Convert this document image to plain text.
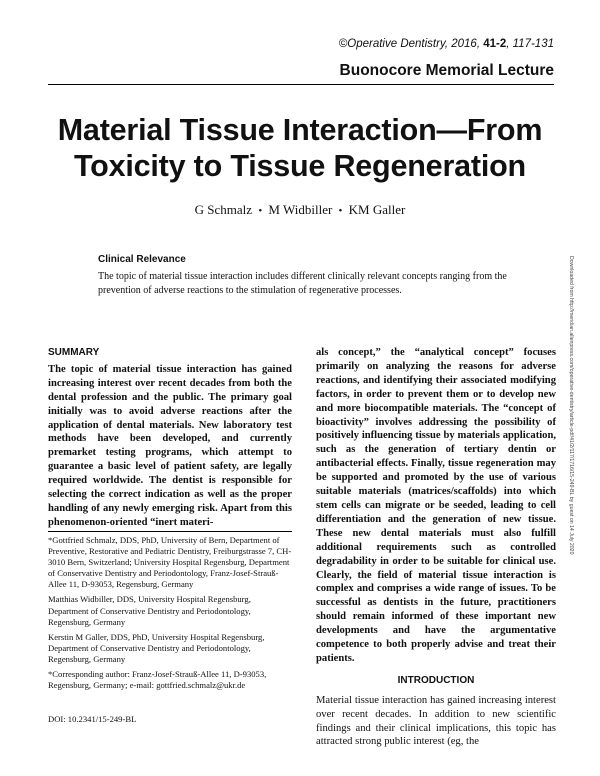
©Operative Dentistry, 2016, 41-2, 117-131
Buonocore Memorial Lecture
Material Tissue Interaction—From
Toxicity to Tissue Regeneration
G Schmalz • M Widbiller • KM Galler
Clinical Relevance
The topic of material tissue interaction includes different clinically relevant concepts ranging from the prevention of adverse reactions to the stimulation of regenerative processes.	Downloaded from http://meridian.allenpress.com/operative-dentistry/article-pdf/41/2/117/1716/15-249-BL by guest on 14 July 2020
SUMMARY
The topic of material tissue interaction has gained increasing interest over recent decades from both the dental profession and the public. The primary goal initially was to avoid adverse reactions after the application of dental materials. New laboratory test methods have been developed, and currently premarket testing programs, which attempt to guarantee a basic level of patient safety, are legally required worldwide. The dentist is responsible for selecting the correct indication as well as the proper handling of any newly emerging risk. Apart from this phenomenon-oriented “inert materi-

*Gottfried Schmalz, DDS, PhD, University of Bern, Department of Preventive, Restorative and Pediatric Dentistry, Freiburgstrasse 7, CH-3010 Bern, Switzerland; University Hospital Regensburg, Department of Conservative Dentistry and Periodontology, Franz-Josef-Strauß-Allee 11, D-93053, Regensburg, Germany

Matthias Widbiller, DDS, University Hospital Regensburg, Department of Conservative Dentistry and Periodontology, Regensburg, Germany

Kerstin M Galler, DDS, PhD, University Hospital Regensburg, Department of Conservative Dentistry and Periodontology, Regensburg, Germany

*Corresponding author: Franz-Josef-Strauß-Allee 11, D-93053, Regensburg, Germany; e-mail: gottfried.schmalz@ukr.de

DOI: 10.2341/15-249-BL
als concept,” the “analytical concept” focuses primarily on analyzing the reasons for adverse reactions, and identifying their associated modifying factors, in order to prevent them or to develop new and more biocompatible materials. The “concept of bioactivity” involves addressing the possibility of positively influencing tissue by materials application, such as the generation of tertiary dentin or antibacterial effects. Finally, tissue regeneration may be supported and promoted by the use of various suitable materials (matrices/scaffolds) into which stem cells can migrate or be seeded, leading to cell differentiation and the generation of new tissue. These new dental materials must also fulfill additional requirements such as controlled degradability in order to be suitable for clinical use. Clearly, the field of material tissue interaction is complex and comprises a wide range of issues. To be successful as dentists in the future, practitioners should remain informed of these important new developments and have the argumentative competence to both properly advise and treat their patients.
INTRODUCTION
Material tissue interaction has gained increasing interest over recent decades. In addition to new scientific findings and their clinical implications, this topic has attracted strong public interest (eg, the
